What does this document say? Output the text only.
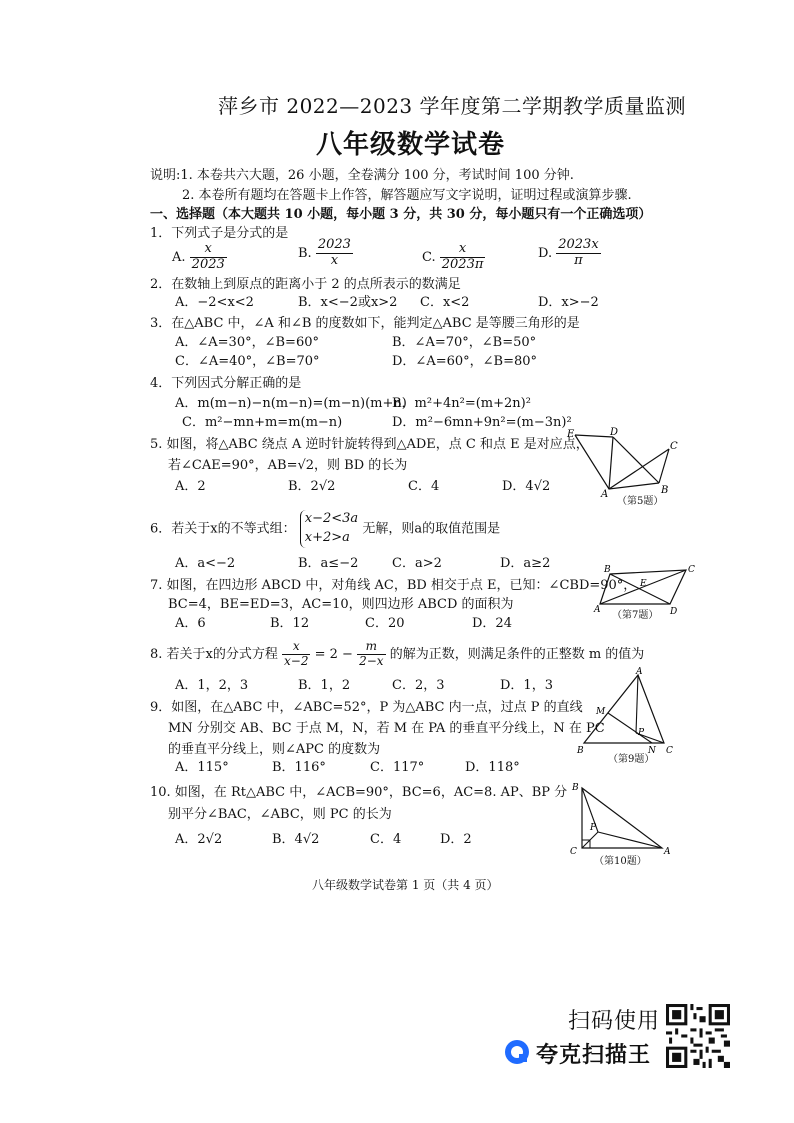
萍乡市 2022—2023 学年度第二学期教学质量监测
八年级数学试卷
说明:1. 本卷共六大题，26 小题，全卷满分 100 分，考试时间 100 分钟.
2. 本卷所有题均在答题卡上作答，解答题应写文字说明，证明过程或演算步骤.
一、选择题（本大题共 10 小题，每小题 3 分，共 30 分，每小题只有一个正确选项）
1．下列式子是分式的是
A. $\frac{x}{2023}$	B. $\frac{2023}{x}$	C. $\frac{x}{2023\pi}$	D. $\frac{2023x}{\pi}$
2．在数轴上到原点的距离小于 2 的点所表示的数满足
A．−2<x<2	B．x<−2或x>2 C．x<2	D．x>−2
3．在△ABC 中，∠A 和∠B 的度数如下，能判定△ABC 是等腰三角形的是
A．∠A=30°，∠B=60°	B．∠A=70°，∠B=50°
C．∠A=40°，∠B=70°	D．∠A=60°，∠B=80°
4．下列因式分解正确的是
A．m(m−n)−n(m−n)=(m−n)(m+n)
B．m²+4n²=(m+2n)²
C．m²−mn+m=m(m−n)	D．m²−6mn+9n²=(m−3n)²
5. 如图，将△ABC 绕点 A 逆时针旋转得到△ADE，点 C 和点 E 是对应点，
若∠CAE=90°，AB=√2，则 BD 的长为
A．2	B．2√2	C．4	D．4√2
E	D
C
A	B
（第5题）
6．若关于x的不等式组：
x−2<3a
x+2>a
无解，则a的取值范围是
A．a<−2	B．a≤−2	C．a>2	D．a≥2
7. 如图，在四边形 ABCD 中，对角线 AC，BD 相交于点 E，已知：∠CBD=90°，
BC=4，BE=ED=3，AC=10，则四边形 ABCD 的面积为
A．6	B．12	C．20	D．24
B	C
E
A	D
（第7题）
8. 若关于x的分式方程 $\frac{x}{x-2} = 2 - \frac{m}{2-x}$ 的解为正数，则满足条件的正整数 m 的值为
A．1，2，3	B．1，2	C．2，3	D．1，3
9．如图，在△ABC 中，∠ABC=52°，P 为△ABC 内一点，过点 P 的直线
MN 分别交 AB、BC 于点 M，N，若 M 在 PA 的垂直平分线上，N 在 PC
的垂直平分线上，则∠APC 的度数为
A．115°	B．116°	C．117°	D．118°
A
M
P
B	N C
（第9题）
10. 如图，在 Rt△ABC 中，∠ACB=90°，BC=6，AC=8. AP、BP 分
别平分∠BAC，∠ABC，则 PC 的长为
A．2√2	B．4√2	C．4	D．2
B
P
C	A
（第10题）
八年级数学试卷第 1 页（共 4 页）
扫码使用
夸克扫描王
